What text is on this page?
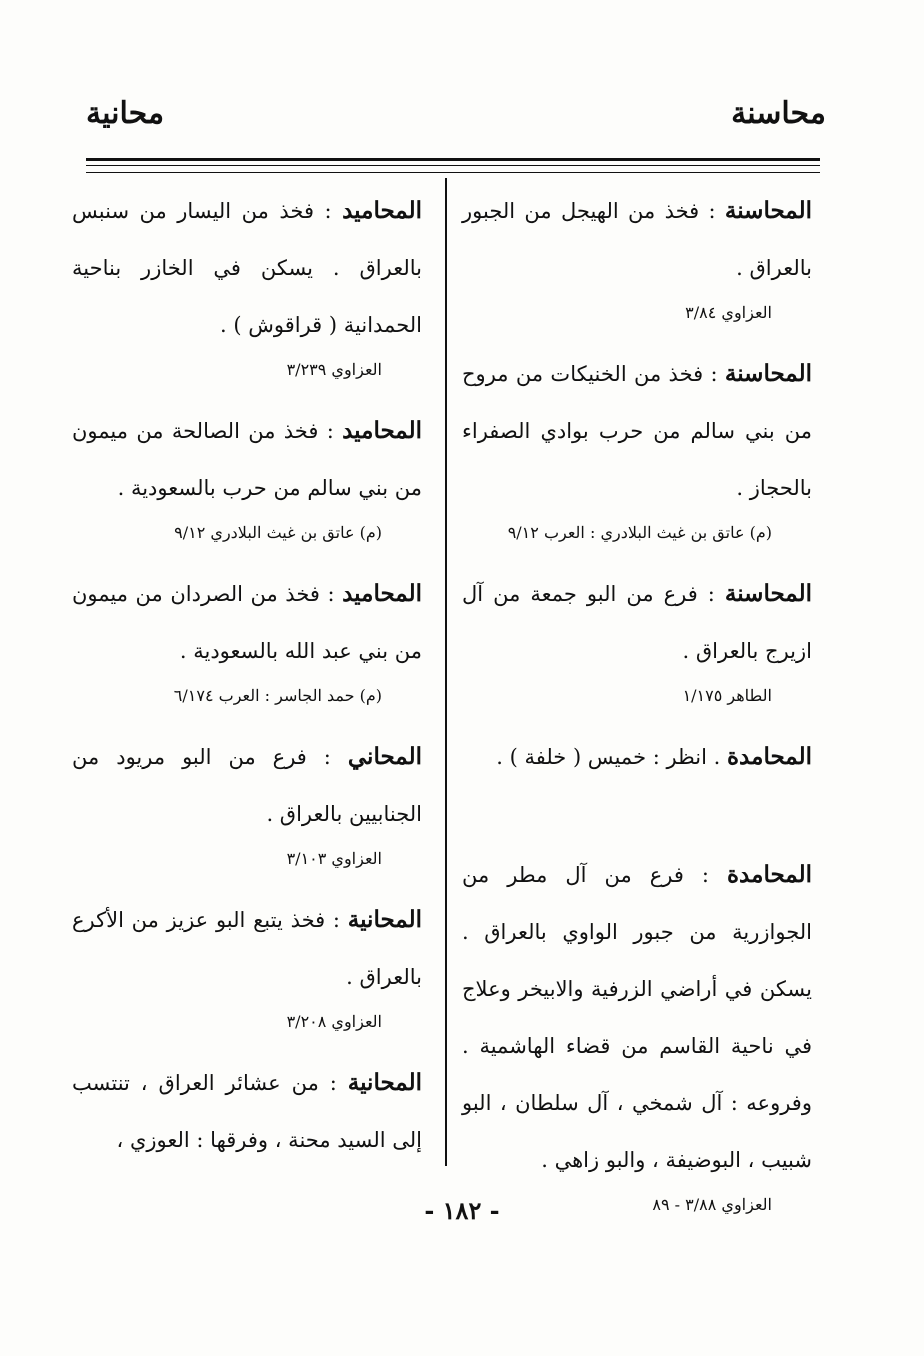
محاسنة
محانية
المحاسنة : فخذ من الهيجل من الجبور بالعراق .
العزاوي ٣/٨٤
المحاسنة : فخذ من الخنيكات من مروح من بني سالم من حرب بوادي الصفراء بالحجاز .
(م) عاتق بن غيث البلادري : العرب ٩/١٢
المحاسنة : فرع من البو جمعة من آل ازيرج بالعراق .
الطاهر ١/١٧٥
المحامدة . انظر : خميس ( خلفة ) .
المحامدة : فرع من آل مطر من الجوازرية من جبور الواوي بالعراق . يسكن في أراضي الزرفية والابيخر وعلاج في ناحية القاسم من قضاء الهاشمية . وفروعه : آل شمخي ، آل سلطان ، البو شبيب ، البوضيفة ، والبو زاهي .
العزاوي ٣/٨٨ - ٨٩
المحاميد : فخذ من اليسار من سنبس بالعراق . يسكن في الخازر بناحية الحمدانية ( قراقوش ) .
العزاوي ٣/٢٣٩
المحاميد : فخذ من الصالحة من ميمون من بني سالم من حرب بالسعودية .
(م) عاتق بن غيث البلادري ٩/١٢
المحاميد : فخذ من الصردان من ميمون من بني عبد الله بالسعودية .
(م) حمد الجاسر : العرب ٦/١٧٤
المحاني : فرع من البو مريود من الجنابيين بالعراق .
العزاوي ٣/١٠٣
المحانية : فخذ يتبع البو عزيز من الأكرع بالعراق .
العزاوي ٣/٢٠٨
المحانية : من عشائر العراق ، تنتسب إلى السيد محنة ، وفرقها : العوزي ،
- ١٨٢ -
